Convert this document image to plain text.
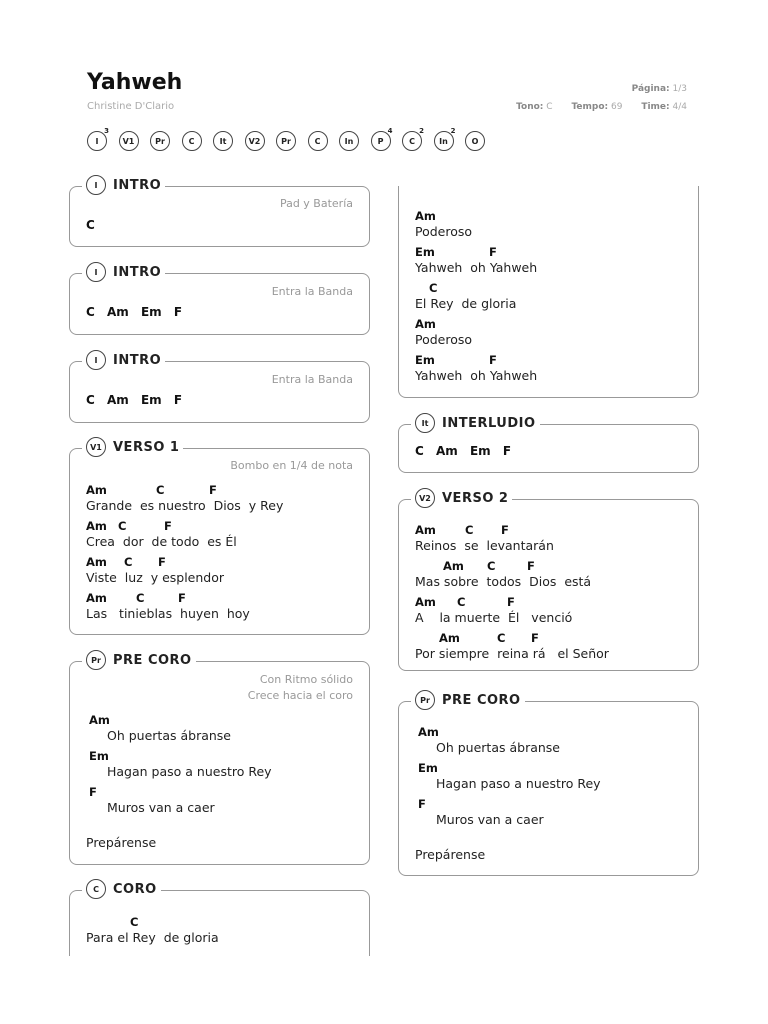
Yahweh
Christine D'Clario
Página: 1/3
Tono: C Tempo: 69 Time: 4/4
I
3
V1	Pr	C	It	V2	Pr	C	In	P
4
C
2
In
2
O
I	INTRO
Pad y Batería
C
I	INTRO
Entra la Banda
C Am Em F
I	INTRO
Entra la Banda
C Am Em F
V1 VERSO 1
Bombo en 1/4 de nota
Am	C	F
Grande  es nuestro  Dios  y Rey
Am C	F
Crea  dor  de todo  es Él
Am C F
Viste  luz  y esplendor
Am	C	F
Las   tinieblas  huyen  hoy
Pr PRE CORO
Con Ritmo sólido
Crece hacia el coro
Am
Oh puertas ábranse
Em
Hagan paso a nuestro Rey
F
Muros van a caer
Prepárense
C	CORO
C
Para el Rey  de gloria
Am
Poderoso
Em	F
Yahweh  oh Yahweh
C
El Rey  de gloria
Am
Poderoso
Em	F
Yahweh  oh Yahweh
It	INTERLUDIO
C Am Em F
V2 VERSO 2
Am	C F
Reinos  se  levantarán
Am C	F
Mas sobre  todos  Dios  está
Am C	F
A    la muerte  Él   venció
Am	C F
Por siempre  reina rá   el Señor
Pr PRE CORO
Am
Oh puertas ábranse
Em
Hagan paso a nuestro Rey
F
Muros van a caer
Prepárense
